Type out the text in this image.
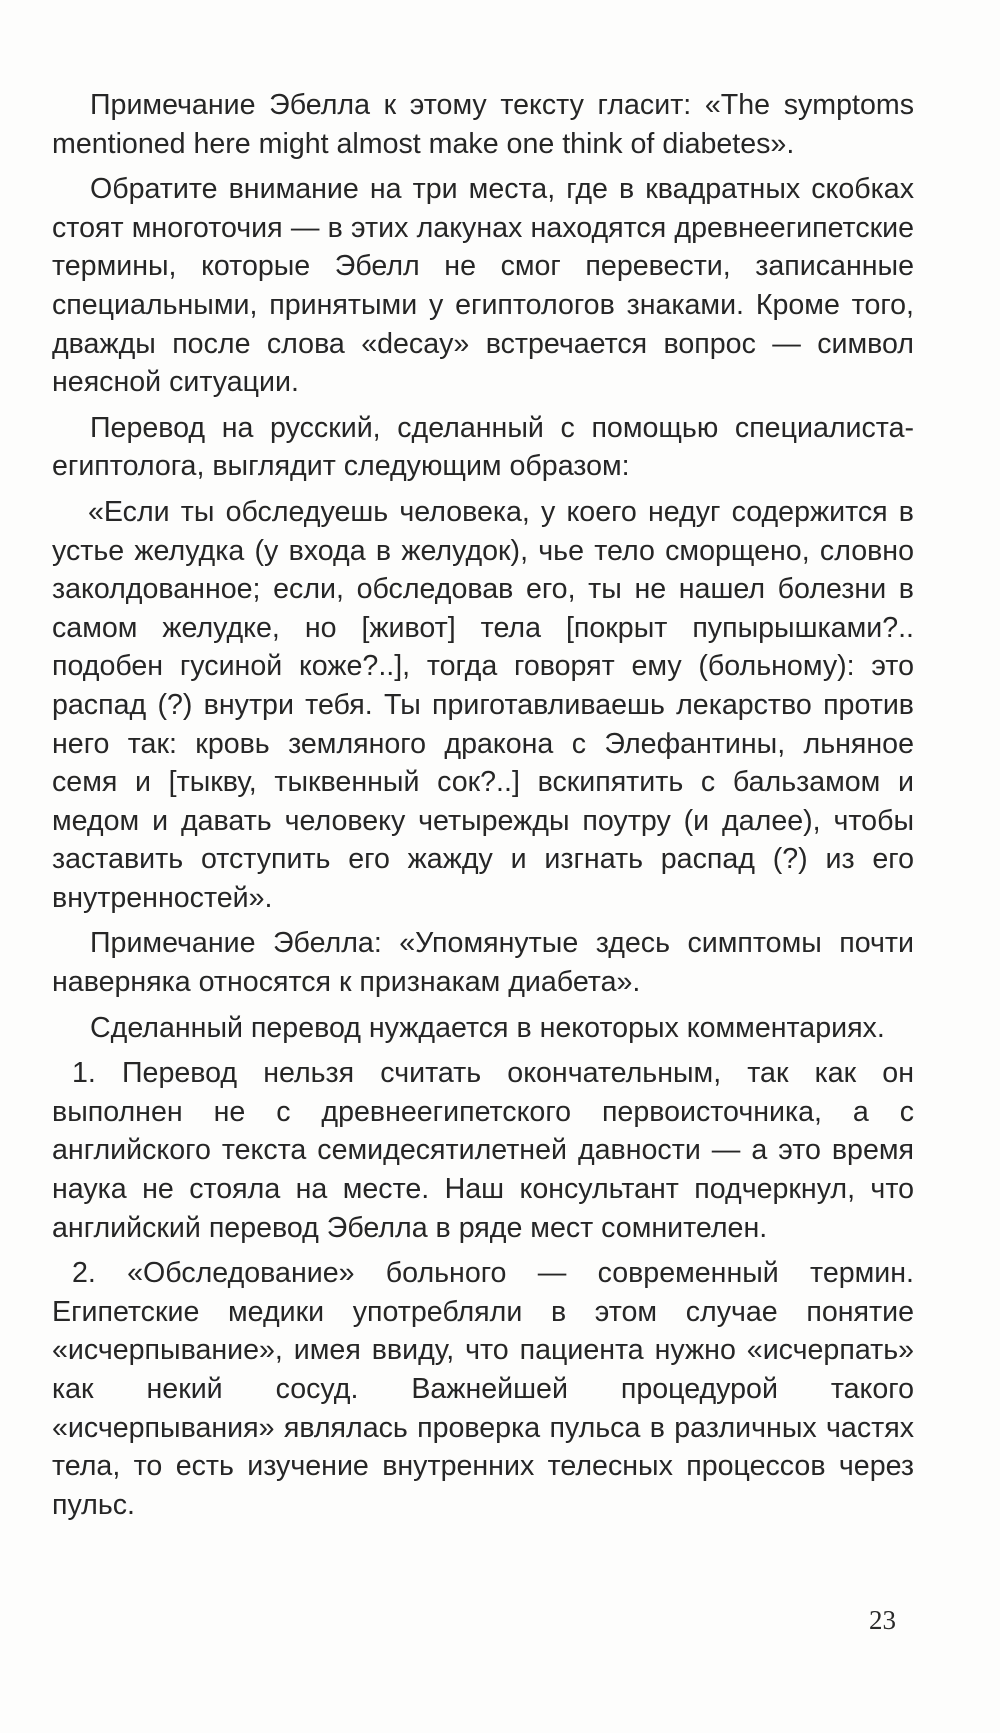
Примечание Эбелла к этому тексту гласит: «The symptoms mentioned here might almost make one think of diabetes».

Обратите внимание на три места, где в квадратных скобках стоят многоточия — в этих лакунах находятся древнеегипетские термины, которые Эбелл не смог перевести, записанные специальными, принятыми у египтологов знаками. Кроме того, дважды после слова «decay» встречается вопрос — символ неясной ситуации.

Перевод на русский, сделанный с помощью специалиста-египтолога, выглядит следующим образом:

«Если ты обследуешь человека, у коего недуг содержится в устье желудка (у входа в желудок), чье тело сморщено, словно заколдованное; если, обследовав его, ты не нашел болезни в самом желудке, но [живот] тела [покрыт пупырышками?.. подобен гусиной коже?..], тогда говорят ему (больному): это распад (?) внутри тебя. Ты приготавливаешь лекарство против него так: кровь земляного дракона с Элефантины, льняное семя и [тыкву, тыквенный сок?..] вскипятить с бальзамом и медом и давать человеку четырежды поутру (и далее), чтобы заставить отступить его жажду и изгнать распад (?) из его внутренностей».

Примечание Эбелла: «Упомянутые здесь симптомы почти наверняка относятся к признакам диабета».

Сделанный перевод нуждается в некоторых комментариях.

1. Перевод нельзя считать окончательным, так как он выполнен не с древнеегипетского первоисточника, а с английского текста семидесятилетней давности — а это время наука не стояла на месте. Наш консультант подчеркнул, что английский перевод Эбелла в ряде мест сомнителен.

2. «Обследование» больного — современный термин. Египетские медики употребляли в этом случае понятие «исчерпывание», имея ввиду, что пациента нужно «исчерпать» как некий сосуд. Важнейшей процедурой такого «исчерпывания» являлась проверка пульса в различных частях тела, то есть изучение внутренних телесных процессов через пульс.

23
